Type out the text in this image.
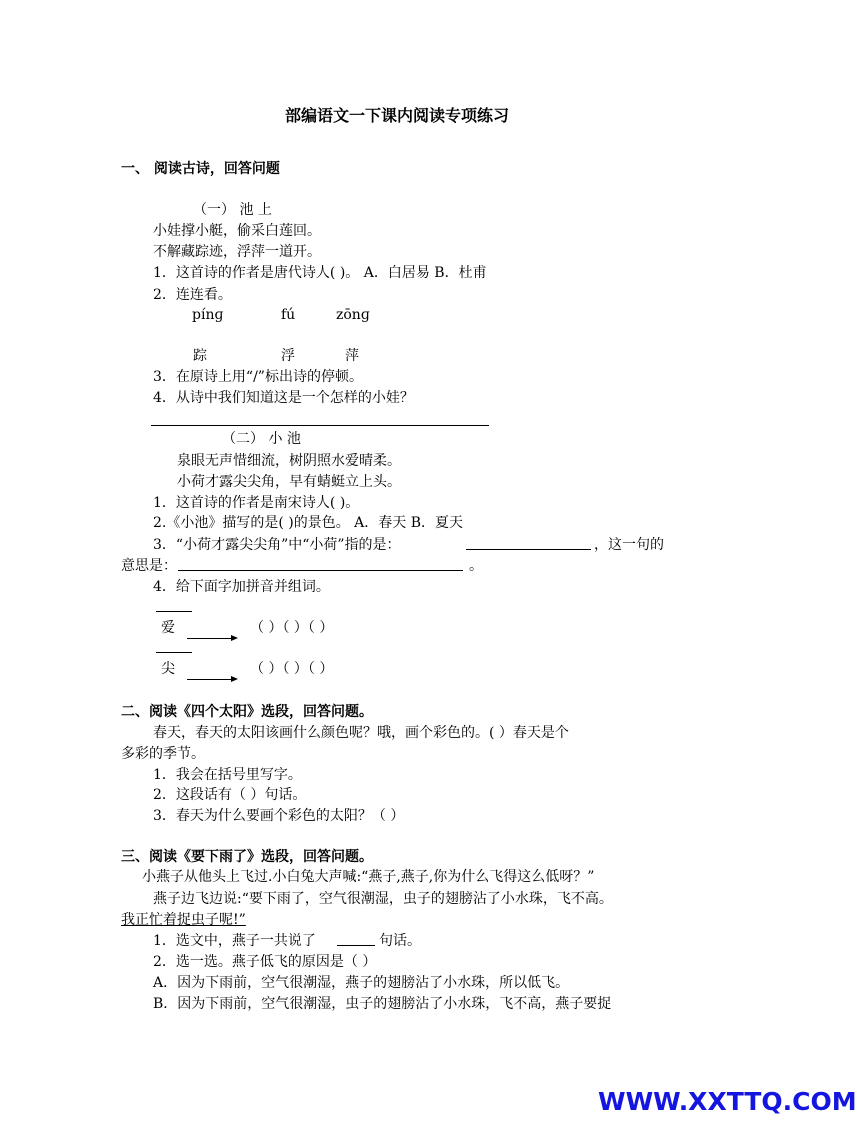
部编语文一下课内阅读专项练习
一、 阅读古诗，回答问题
（一） 池 上
小娃撑小艇，偷采白莲回。
不解藏踪迹，浮萍一道开。
1．这首诗的作者是唐代诗人( )。 A．白居易 B．杜甫
2．连连看。
pínɡ	fú	zōnɡ
踪	浮	萍
3．在原诗上用“/”标出诗的停顿。
4．从诗中我们知道这是一个怎样的小娃？
（二） 小 池
泉眼无声惜细流，树阴照水爱晴柔。
小荷才露尖尖角，早有蜻蜓立上头。
1．这首诗的作者是南宋诗人( )。
2.《小池》描写的是( )的景色。 A．春天 B．夏天
3．“小荷才露尖尖角”中“小荷”指的是：	，这一句的
意思是：	。
4．给下面字加拼音并组词。
爱	（ ）（ ）（ ）
尖	（ ）（ ）（ ）
二、阅读《四个太阳》选段，回答问题。
春天，春天的太阳该画什么颜色呢？哦，画个彩色的。( ）春天是个
多彩的季节。
1．我会在括号里写字。
2．这段话有（ ）句话。
3．春天为什么要画个彩色的太阳？（ ）
三、阅读《要下雨了》选段，回答问题。
小燕子从他头上飞过.小白兔大声喊:“燕子,燕子,你为什么飞得这么低呀？”
燕子边飞边说:“要下雨了，空气很潮湿，虫子的翅膀沾了小水珠，飞不高。
我正忙着捉虫子呢!”
1．选文中，燕子一共说了	句话。
2．选一选。燕子低飞的原因是（ ）
A．因为下雨前，空气很潮湿，燕子的翅膀沾了小水珠，所以低飞。
B．因为下雨前，空气很潮湿，虫子的翅膀沾了小水珠，飞不高，燕子要捉
WWW.XXTTQ.COM
